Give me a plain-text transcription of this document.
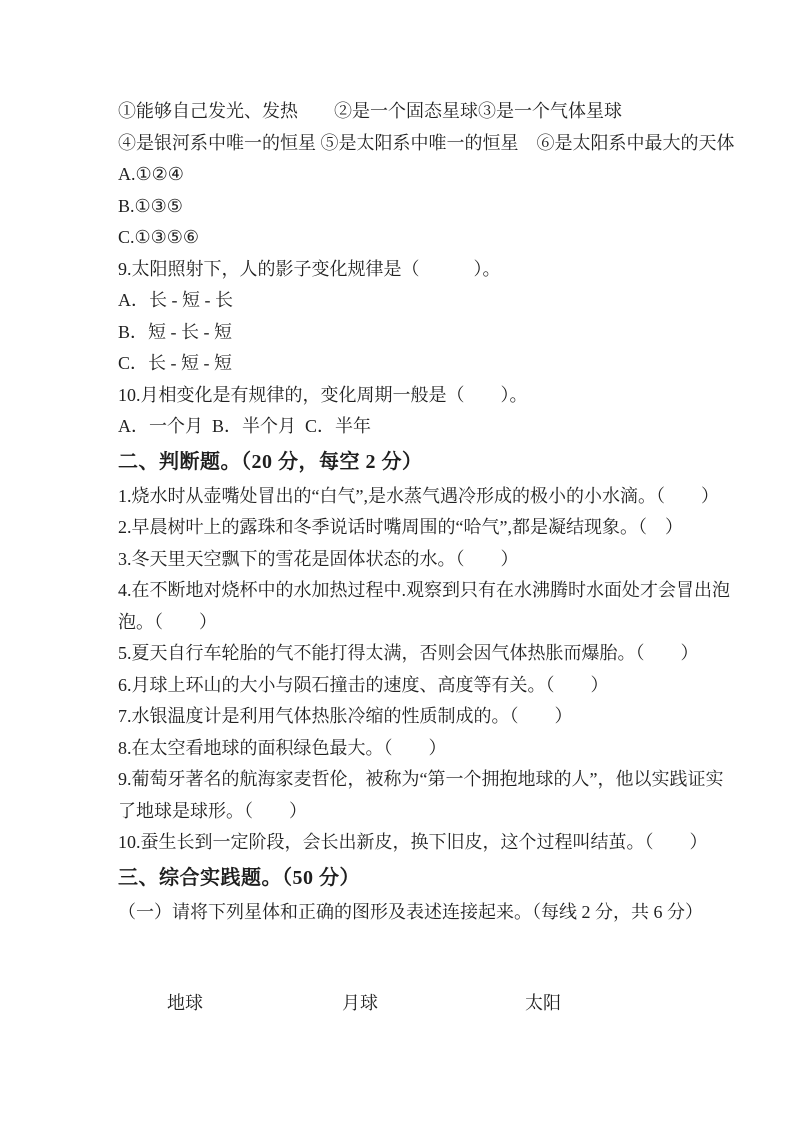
①能够自己发光、发热　　②是一个固态星球③是一个气体星球
④是银河系中唯一的恒星 ⑤是太阳系中唯一的恒星　⑥是太阳系中最大的天体
A.①②④
B.①③⑤
C.①③⑤⑥
9.太阳照射下，人的影子变化规律是（　　　）。
A．长 - 短 - 长
B．短 - 长 - 短
C．长 - 短 - 短
10.月相变化是有规律的，变化周期一般是（　　）。
A．一个月  B．半个月  C．半年
二、判断题。（20 分，每空 2 分）
1.烧水时从壶嘴处冒出的“白气”,是水蒸气遇冷形成的极小的小水滴。（　　）
2.早晨树叶上的露珠和冬季说话时嘴周围的“哈气”,都是凝结现象。（　）
3.冬天里天空飘下的雪花是固体状态的水。（　　）
4.在不断地对烧杯中的水加热过程中.观察到只有在水沸腾时水面处才会冒出泡
泡。（　　）
5.夏天自行车轮胎的气不能打得太满，否则会因气体热胀而爆胎。（　　）
6.月球上环山的大小与陨石撞击的速度、高度等有关。（　　）
7.水银温度计是利用气体热胀冷缩的性质制成的。（　　）
8.在太空看地球的面积绿色最大。（　　）
9.葡萄牙著名的航海家麦哲伦，被称为“第一个拥抱地球的人”，他以实践证实
了地球是球形。（　　）
10.蚕生长到一定阶段，会长出新皮，换下旧皮，这个过程叫结茧。（　　）
三、综合实践题。（50 分）
（一）请将下列星体和正确的图形及表述连接起来。（每线 2 分，共 6 分）
地球	月球	太阳
